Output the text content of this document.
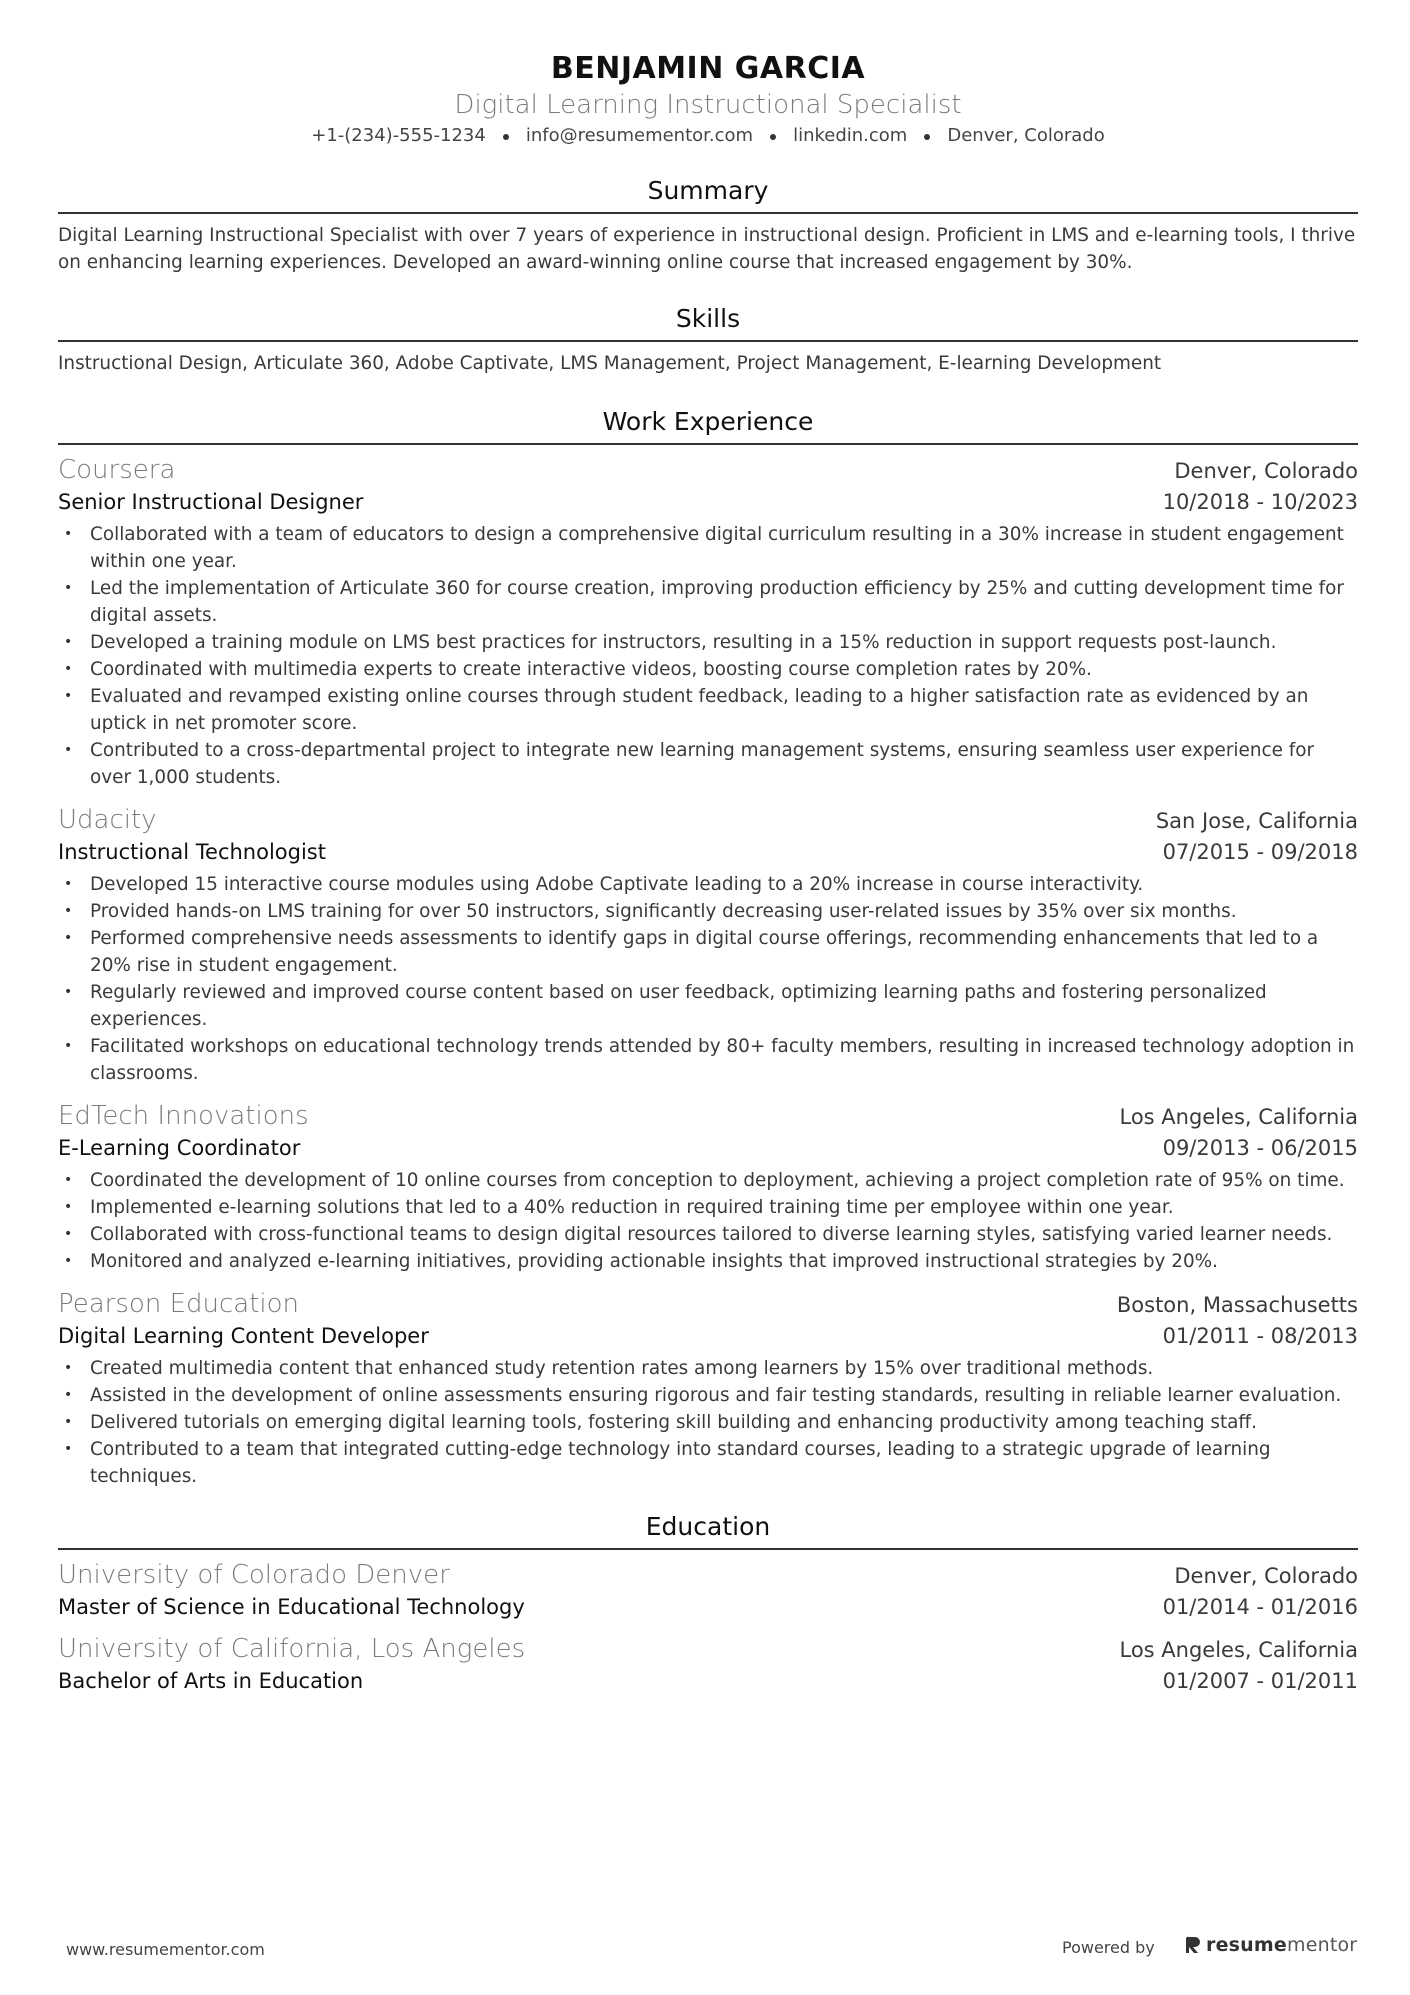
BENJAMIN GARCIA
Digital Learning Instructional Specialist
+1-(234)-555-1234 info@resumementor.com linkedin.com Denver, Colorado
Summary

Digital Learning Instructional Specialist with over 7 years of experience in instructional design. Proficient in LMS and e-learning tools, I thrive on enhancing learning experiences. Developed an award-winning online course that increased engagement by 30%.

Skills

Instructional Design, Articulate 360, Adobe Captivate, LMS Management, Project Management, E-learning Development

Work Experience
Coursera	Denver, Colorado
Senior Instructional Designer	10/2018 - 10/2023
• Collaborated with a team of educators to design a comprehensive digital curriculum resulting in a 30% increase in student engagement within one year.
• Led the implementation of Articulate 360 for course creation, improving production efficiency by 25% and cutting development time for digital assets.
• Developed a training module on LMS best practices for instructors, resulting in a 15% reduction in support requests post-launch.
• Coordinated with multimedia experts to create interactive videos, boosting course completion rates by 20%.
• Evaluated and revamped existing online courses through student feedback, leading to a higher satisfaction rate as evidenced by an uptick in net promoter score.
• Contributed to a cross-departmental project to integrate new learning management systems, ensuring seamless user experience for over 1,000 students.
Udacity	San Jose, California
Instructional Technologist	07/2015 - 09/2018
• Developed 15 interactive course modules using Adobe Captivate leading to a 20% increase in course interactivity.
• Provided hands-on LMS training for over 50 instructors, significantly decreasing user-related issues by 35% over six months.
• Performed comprehensive needs assessments to identify gaps in digital course offerings, recommending enhancements that led to a 20% rise in student engagement.
• Regularly reviewed and improved course content based on user feedback, optimizing learning paths and fostering personalized experiences.
• Facilitated workshops on educational technology trends attended by 80+ faculty members, resulting in increased technology adoption in classrooms.
EdTech Innovations	Los Angeles, California
E-Learning Coordinator	09/2013 - 06/2015
• Coordinated the development of 10 online courses from conception to deployment, achieving a project completion rate of 95% on time.
• Implemented e-learning solutions that led to a 40% reduction in required training time per employee within one year.
• Collaborated with cross-functional teams to design digital resources tailored to diverse learning styles, satisfying varied learner needs.
• Monitored and analyzed e-learning initiatives, providing actionable insights that improved instructional strategies by 20%.
Pearson Education	Boston, Massachusetts
Digital Learning Content Developer	01/2011 - 08/2013
• Created multimedia content that enhanced study retention rates among learners by 15% over traditional methods.
• Assisted in the development of online assessments ensuring rigorous and fair testing standards, resulting in reliable learner evaluation.
• Delivered tutorials on emerging digital learning tools, fostering skill building and enhancing productivity among teaching staff.
• Contributed to a team that integrated cutting-edge technology into standard courses, leading to a strategic upgrade of learning techniques.
Education
University of Colorado Denver	Denver, Colorado
Master of Science in Educational Technology	01/2014 - 01/2016
University of California, Los Angeles	Los Angeles, California
Bachelor of Arts in Education	01/2007 - 01/2011
www.resumementor.com	Powered by	resumementor
